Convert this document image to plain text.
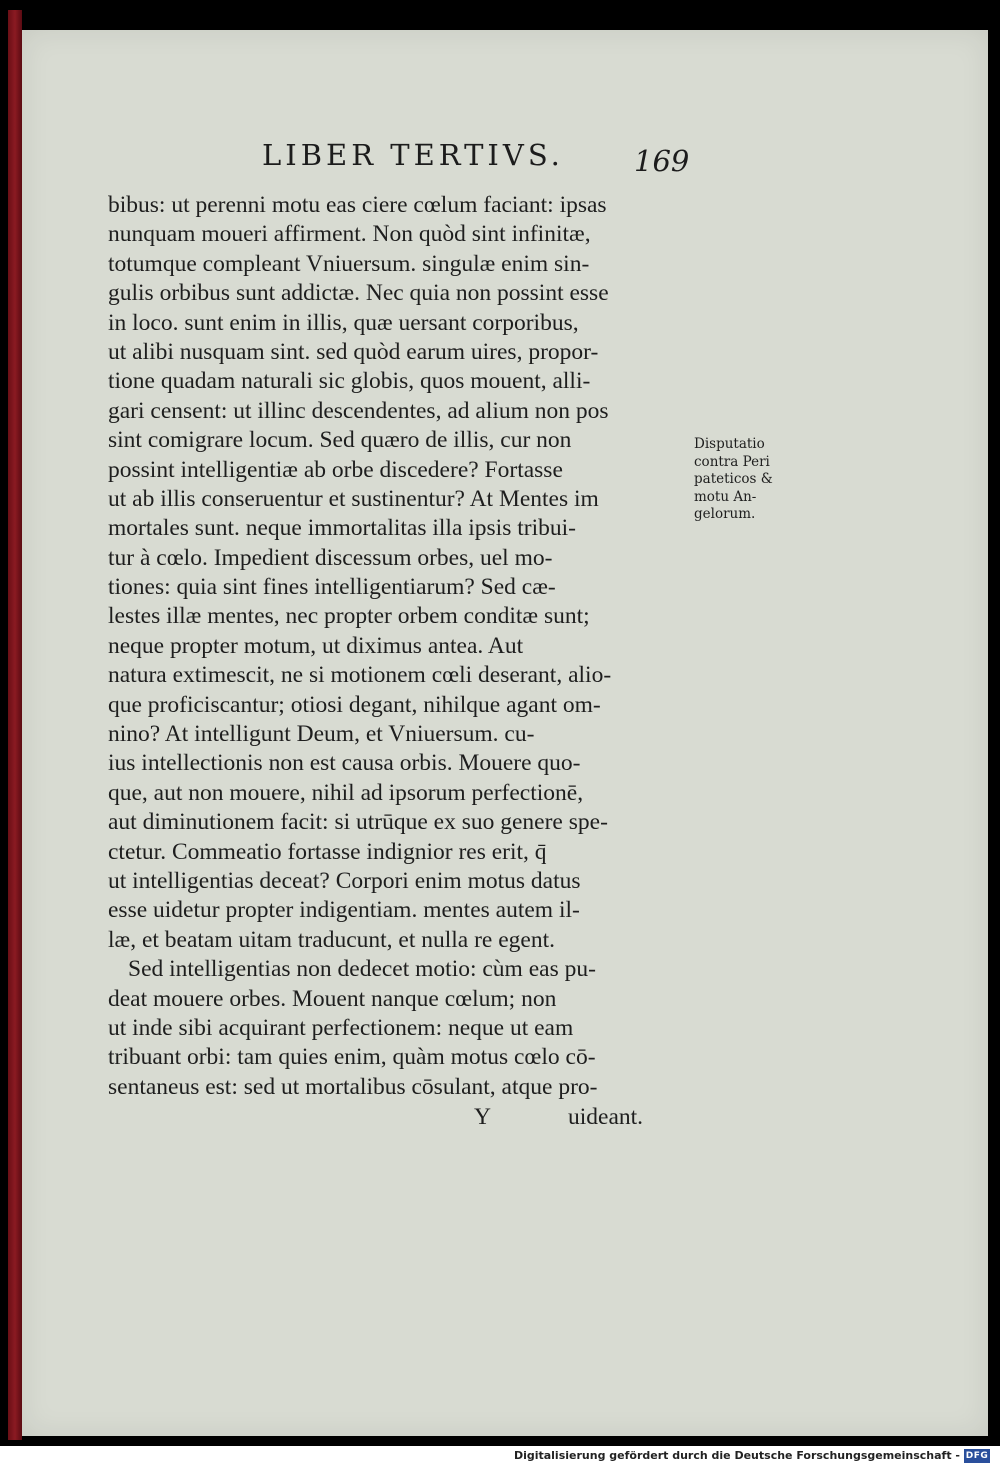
LIBER TERTIVS. 169
bibus: ut perenni motu eas ciere cœlum faciant: ipsas
nunquam moueri affirment. Non quòd sint infinitæ,
totumque compleant Vniuersum. singulæ enim sin-
gulis orbibus sunt addictæ. Nec quia non possint esse
in loco. sunt enim in illis, quæ uersant corporibus,
ut alibi nusquam sint. sed quòd earum uires, propor-
tione quadam naturali sic globis, quos mouent, alli-
gari censent: ut illinc descendentes, ad alium non pos
sint comigrare locum. Sed quæro de illis, cur non
possint intelligentiæ ab orbe discedere? Fortasse
ut ab illis conseruentur et sustinentur? At Mentes im
mortales sunt. neque immortalitas illa ipsis tribui-
tur à cœlo. Impedient discessum orbes, uel mo-
tiones: quia sint fines intelligentiarum? Sed cæ-
lestes illæ mentes, nec propter orbem conditæ sunt;
neque propter motum, ut diximus antea. Aut
natura extimescit, ne si motionem cœli deserant, alio-
que proficiscantur; otiosi degant, nihilque agant om-
nino? At intelligunt Deum, et Vniuersum. cu-
ius intellectionis non est causa orbis. Mouere quo-
que, aut non mouere, nihil ad ipsorum perfectionē,
aut diminutionem facit: si utrūque ex suo genere spe-
ctetur. Commeatio fortasse indignior res erit, q̄
ut intelligentias deceat? Corpori enim motus datus
esse uidetur propter indigentiam. mentes autem il-
læ, et beatam uitam traducunt, et nulla re egent.
Sed intelligentias non dedecet motio: cùm eas pu-
deat mouere orbes. Mouent nanque cœlum; non
ut inde sibi acquirant perfectionem: neque ut eam
tribuant orbi: tam quies enim, quàm motus cœlo cō-
sentaneus est: sed ut mortalibus cōsulant, atque pro-
Y	uideant.
Disputatio
contra Peri
pateticos &
motu An-
gelorum.
Digitalisierung gefördert durch die Deutsche Forschungsgemeinschaft - DFG
